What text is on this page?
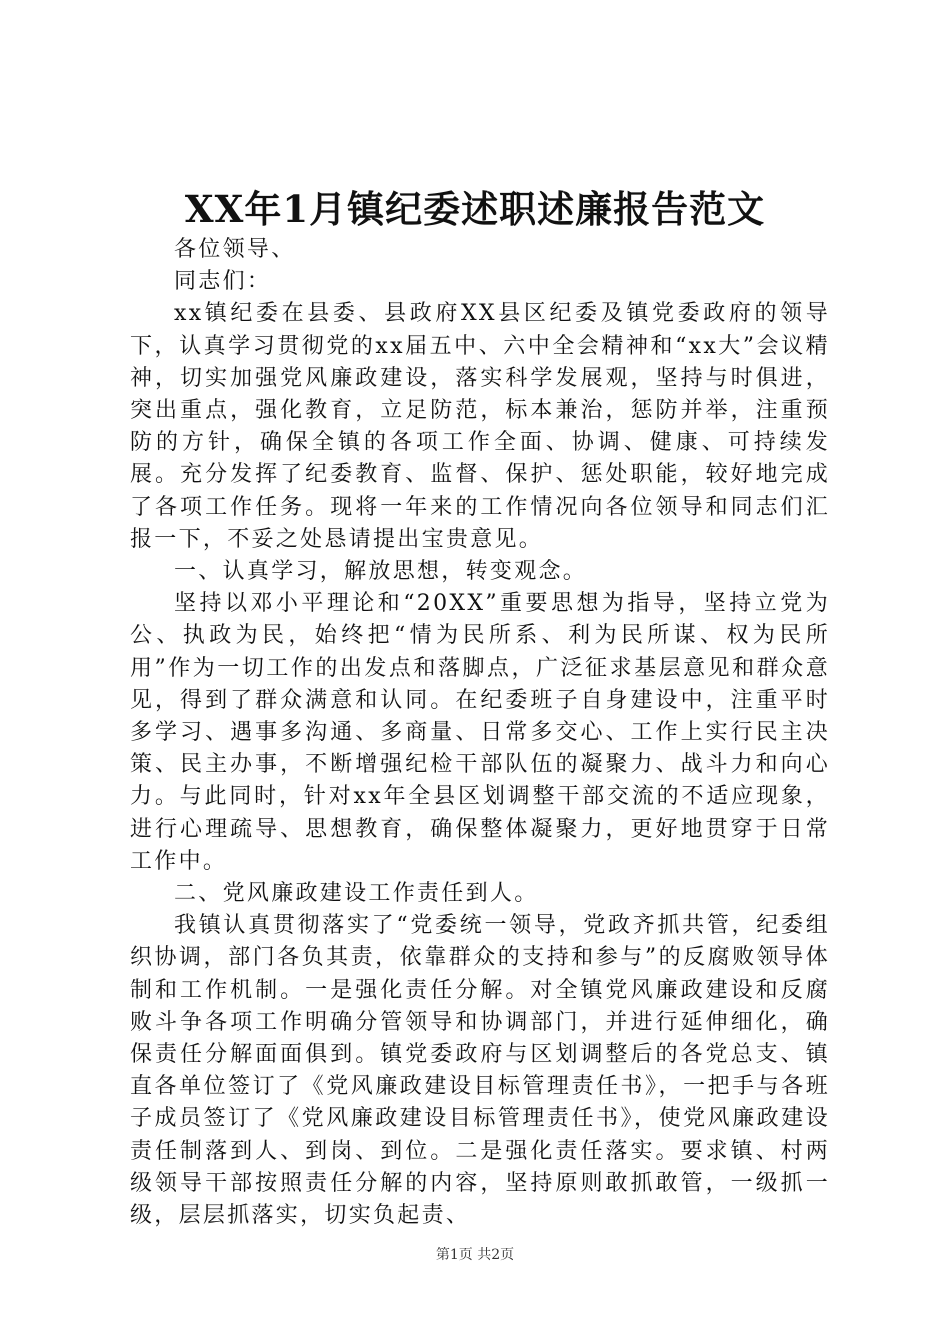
XX年1月镇纪委述职述廉报告范文

各位领导、

同志们：

xx镇纪委在县委、县政府XX县区纪委及镇党委政府的领导下，认真学习贯彻党的xx届五中、六中全会精神和“xx大”会议精神，切实加强党风廉政建设，落实科学发展观，坚持与时俱进，突出重点，强化教育，立足防范，标本兼治，惩防并举，注重预防的方针，确保全镇的各项工作全面、协调、健康、可持续发展。充分发挥了纪委教育、监督、保护、惩处职能，较好地完成了各项工作任务。现将一年来的工作情况向各位领导和同志们汇报一下，不妥之处恳请提出宝贵意见。

一、认真学习，解放思想，转变观念。

坚持以邓小平理论和“20XX”重要思想为指导，坚持立党为公、执政为民，始终把“情为民所系、利为民所谋、权为民所用”作为一切工作的出发点和落脚点，广泛征求基层意见和群众意见，得到了群众满意和认同。在纪委班子自身建设中，注重平时多学习、遇事多沟通、多商量、日常多交心、工作上实行民主决策、民主办事，不断增强纪检干部队伍的凝聚力、战斗力和向心力。与此同时，针对xx年全县区划调整干部交流的不适应现象，进行心理疏导、思想教育，确保整体凝聚力，更好地贯穿于日常工作中。

二、党风廉政建设工作责任到人。

我镇认真贯彻落实了“党委统一领导，党政齐抓共管，纪委组织协调，部门各负其责，依靠群众的支持和参与”的反腐败领导体制和工作机制。一是强化责任分解。对全镇党风廉政建设和反腐败斗争各项工作明确分管领导和协调部门，并进行延伸细化，确保责任分解面面俱到。镇党委政府与区划调整后的各党总支、镇直各单位签订了《党风廉政建设目标管理责任书》，一把手与各班子成员签订了《党风廉政建设目标管理责任书》，使党风廉政建设责任制落到人、到岗、到位。二是强化责任落实。要求镇、村两级领导干部按照责任分解的内容，坚持原则敢抓敢管，一级抓一级，层层抓落实，切实负起责、

第1页 共2页
